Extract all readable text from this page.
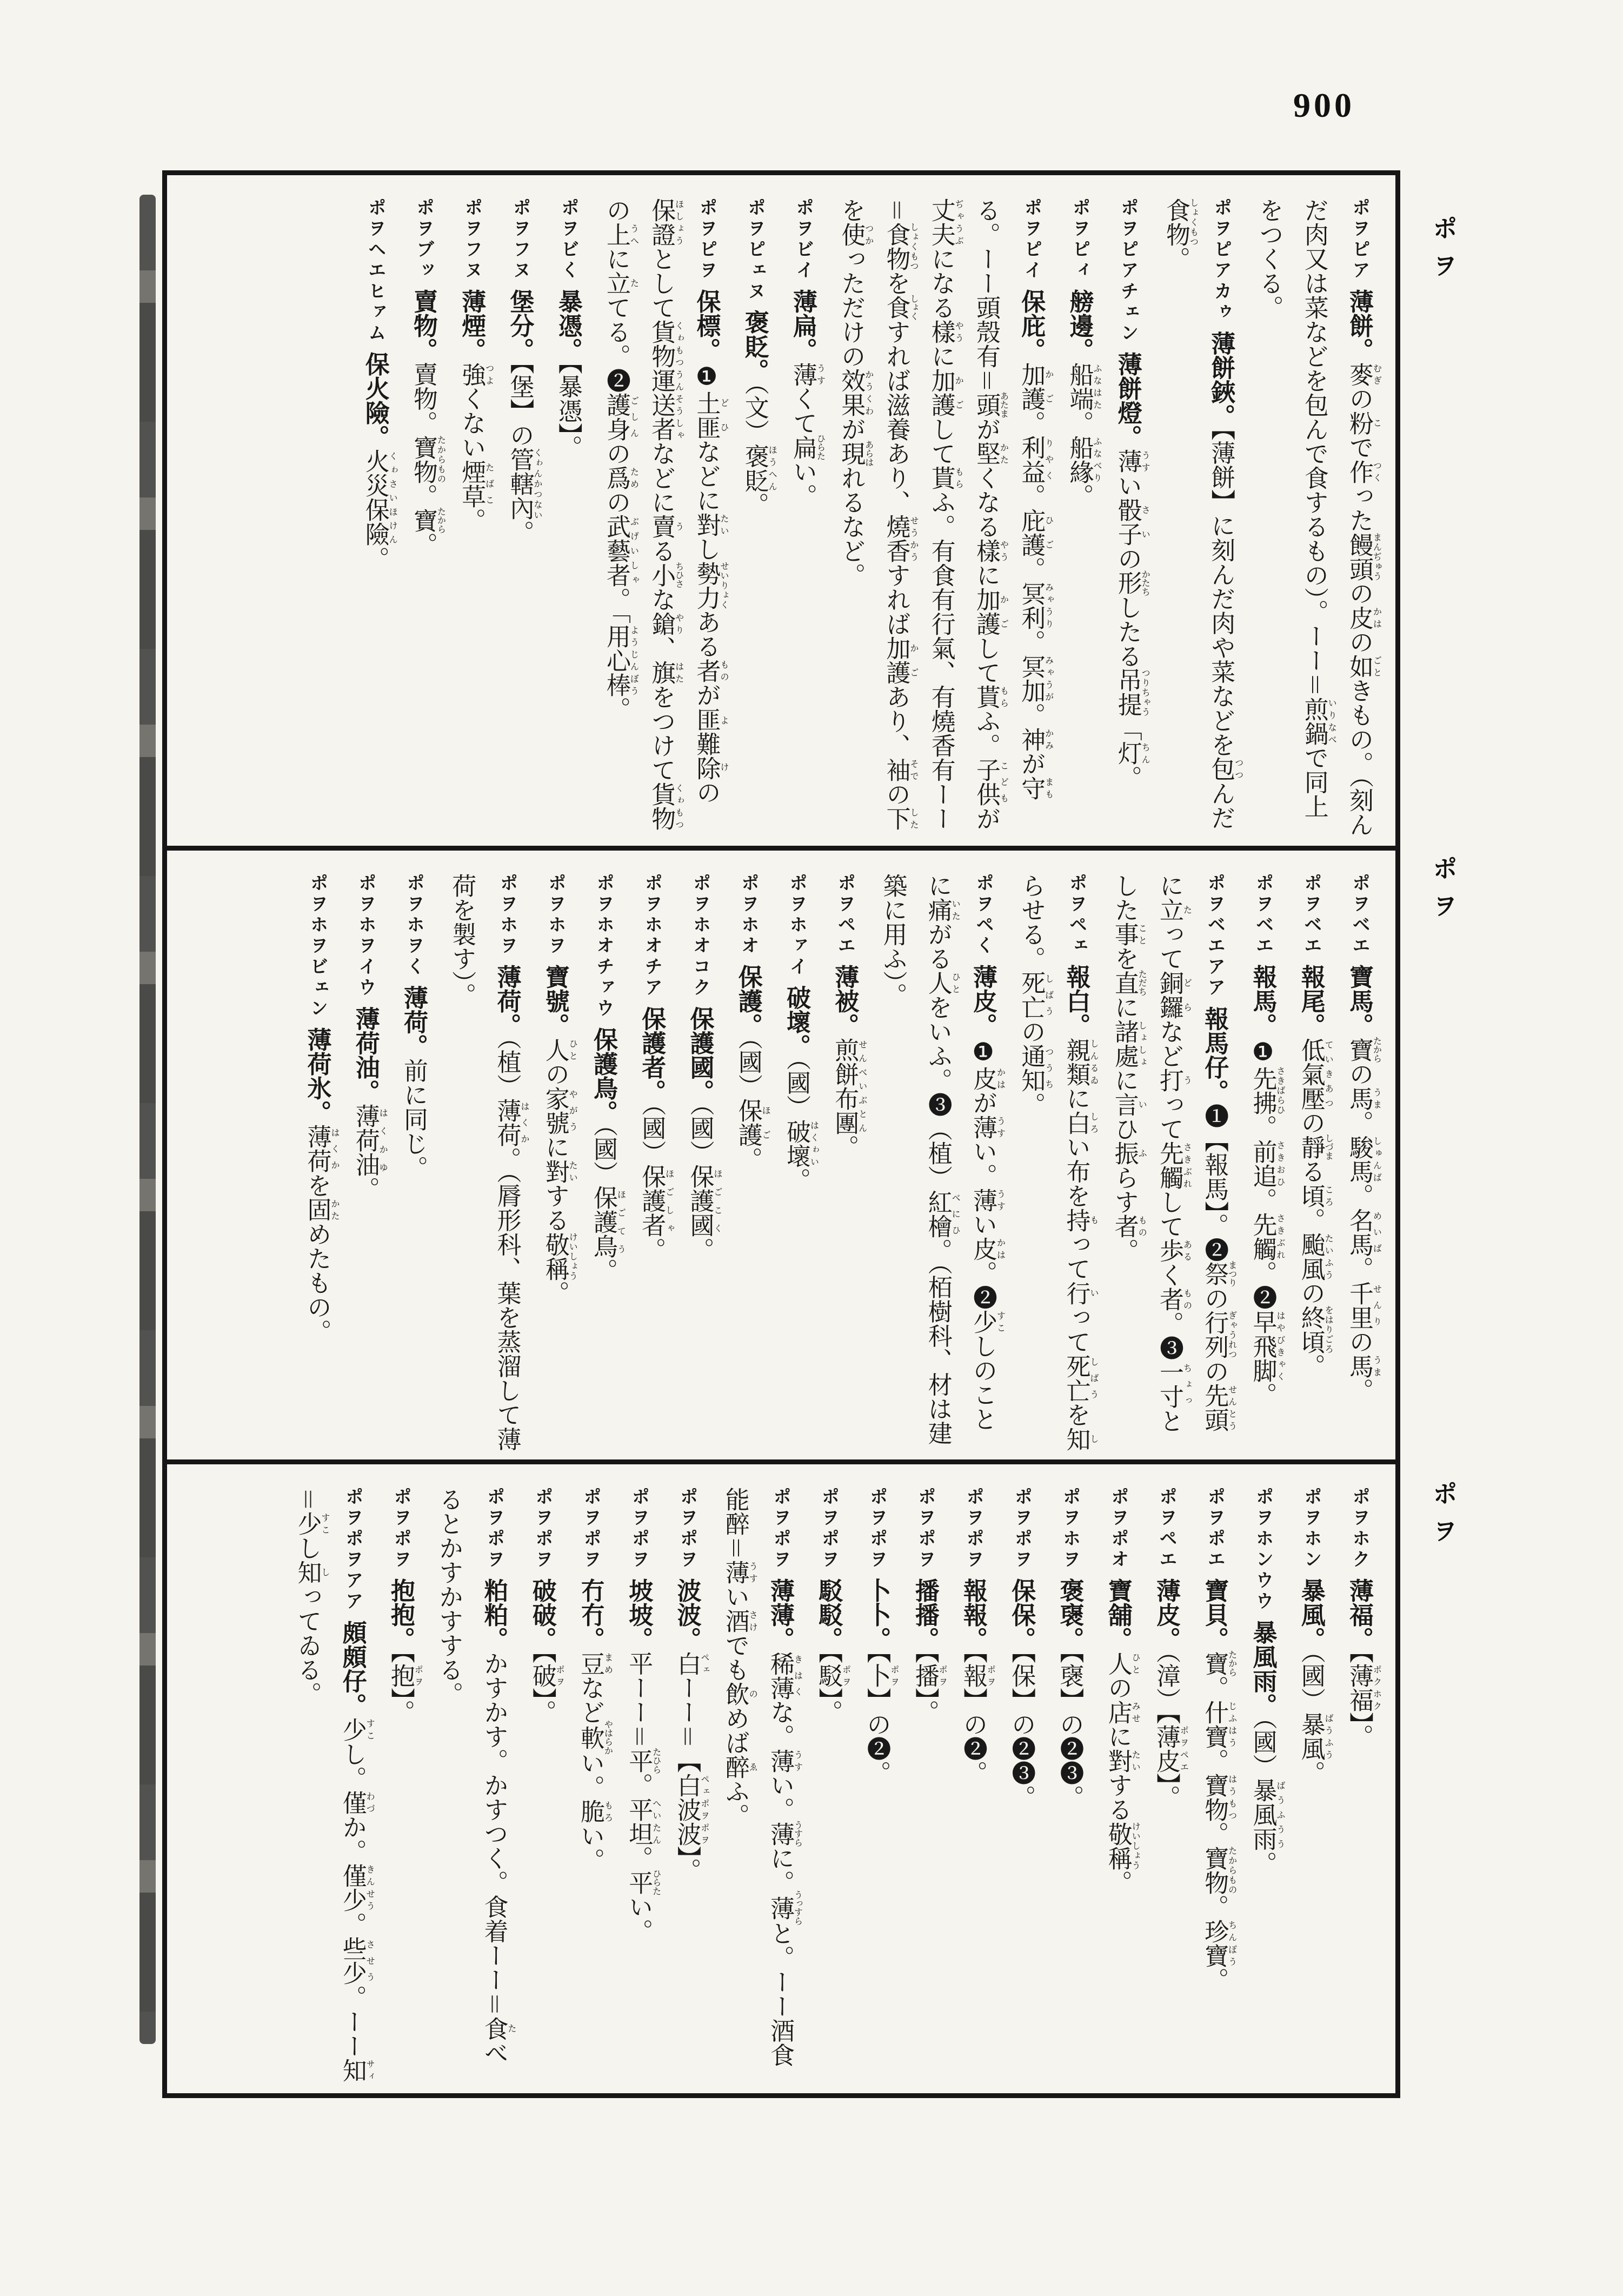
900
ポヲピア薄餅。麥むぎの粉こで作つくった饅頭まんぢゅうの皮かはの如ごときもの。（刻んだ肉又は菜などを包んで食するもの）。ーー＝煎鍋いりなべで同上をつくる。
ポヲピアカゥ薄餅鋏。【薄餅】に刻んだ肉や菜などを包つつんだ食物しょくもつ。
ポヲピアチェン薄餅燈。薄うすい骰子さいの形かたちしたる吊提つりちゃう「灯ちん。
ポヲピィ艕邊。船端ふなはた。船緣ふなべり。
ポヲピイ保庇。加護かご。利益りやく。庇護ひご。冥利みゃうり。冥加みゃうが。神かみが守まもる。ーー頭殼有＝頭あたまが堅かたくなる樣やうに加護かごして貰もらふ。子供こどもが丈夫ぢゃうぶになる樣やうに加護かごして貰もらふ。有食有行氣、有燒香有ーー＝食物しょくもつを食しょくすれば滋養あり、燒香せうかうすれば加護かごあり、袖そでの下したを使つかっただけの效果かうくわが現あらはれるなど。
ポヲビイ薄扁。薄うすくて扁ひらたい。
ポヲピェヌ褒貶。（文）褒貶ほうへん。
ポヲピヲ保標。❶土匪どひなどに對たいし勢力せいりょくある者ものが匪難除よけの保證ほしょうとして貨物運送者くゎもつうんそうしゃなどに賣うる小ちひさな鎗やり、旗はたをつけて貨物くゎもつの上うへに立たてる。❷護身ごしんの爲ための武藝者ぶげいしゃ。「用心棒ようじんぼう。
ポヲビく暴憑。【暴憑】。
ポヲフヌ堡分。【堡】の管轄內くゎんかつない。
ポヲフヌ薄煙。強つよくない煙草たばこ。
ポヲブッ賣物。賣物。寶物たからもの。寶たから。
ポヲヘエヒァム保火險。火災保險くゎさいほけん。
ポヲベエ寶馬。寶たからの馬うま。駿馬しゅんば。名馬めいば。千里せんりの馬うま。
ポヲベエ報尾。低氣壓ていきあつの靜しづまる頃ころ。颱風たいふうの終頃をはりごろ。
ポヲベエ報馬。❶先拂さきばらひ。前追さきおひ。先觸さきぶれ。❷早飛脚はやびきゃく。
ポヲベエアア報馬仔。❶【報馬】。❷祭まつりの行列ぎゃうれつの先頭せんとうに立たって銅鑼どらなど打うって先觸さきぶれして歩あるく者もの。❸一寸ちょっとした事ことを直ただちに諸處しょしょに言いひ振ふらす者もの。
ポヲペェ報白。親類しんるゐに白しろい布を持もって行いって死亡しばうを知しらせる。死亡しばうの通知つうち。
ポヲペく薄皮。❶皮かはが薄うすい。薄うすい皮かは。❷少すこしのことに痛いたがる人ひとをいふ。❸（植）紅檜べにひ。（栢樹科、材は建築に用ふ）。
ポヲペエ薄被。煎餅布團せんべいぶとん。
ポヲホァイ破壞。（國）破壞はくゎい。
ポヲホオ保護。（國）保護ほご。
ポヲホオコク保護國。（國）保護國ほごこく。
ポヲホオチア保護者。（國）保護者ほごしゃ。
ポヲホオチァウ保護鳥。（國）保護鳥ほごてう。
ポヲホヲ寶號。人ひとの家號やがうに對たいする敬稱けいしょう。
ポヲホヲ薄荷。（植）薄荷はくか。（脣形科、葉を蒸溜して薄荷を製す）。
ポヲホヲく薄荷。前に同じ。
ポヲホヲイウ薄荷油。薄荷油はくかゆ。
ポヲホヲビェン薄荷氷。薄荷はくかを固かためたもの。
ポヲホク薄福。【薄福ポクホク】。
ポヲホン暴風。（國）暴風ばうふう。
ポヲホンウウ暴風雨。（國）暴風雨ばうふうう。
ポヲポエ寶貝。寶たから。什寶じふはう。寶物はうもつ。寶物たからもの。珍寶ちんぽう。
ポヲペエ薄皮。（漳）【薄皮ポヲペエ】。
ポヲポオ寶舖。人ひとの店みせに對たいする敬稱けいしょう。
ポヲホヲ褒襃。【襃】の❷❸。
ポヲポヲ保保。【保】の❷❸。
ポヲポヲ報報。【報ポヲ】の❷。
ポヲポヲ播播。【播ポヲ】。
ポヲポヲ卜卜。【卜ポヲ】の❷。
ポヲポヲ駁駁。【駁ポヲ】。
ポヲポヲ薄薄。稀薄きはくな。薄うすい。薄うすらに。薄うっすらと。ーー酒食能醉＝薄うすい酒さけでも飲のめば醉ゑふ。
ポヲポヲ波波。白ペェーー＝【白波波ペェポヲポヲ】。
ポヲポヲ坡坡。平ーー＝平たひら。平坦へいたん。平ひらたい。
ポヲポヲ冇冇。豆まめなど軟やはらかい。脆もろい。
ポヲポヲ破破。【破ポヲ】。
ポヲポヲ粕粕。かすかす。かすつく。食着ーー＝食たべるとかすかすする。
ポヲポヲ抱抱。【抱ポヲ】。
ポヲポヲアア頗頗仔。少すこし。僅わづか。僅少きんせう。些少させう。ーー知サィ＝少すこし知しってゐる。
ポヲ
ポヲ
ポヲ
